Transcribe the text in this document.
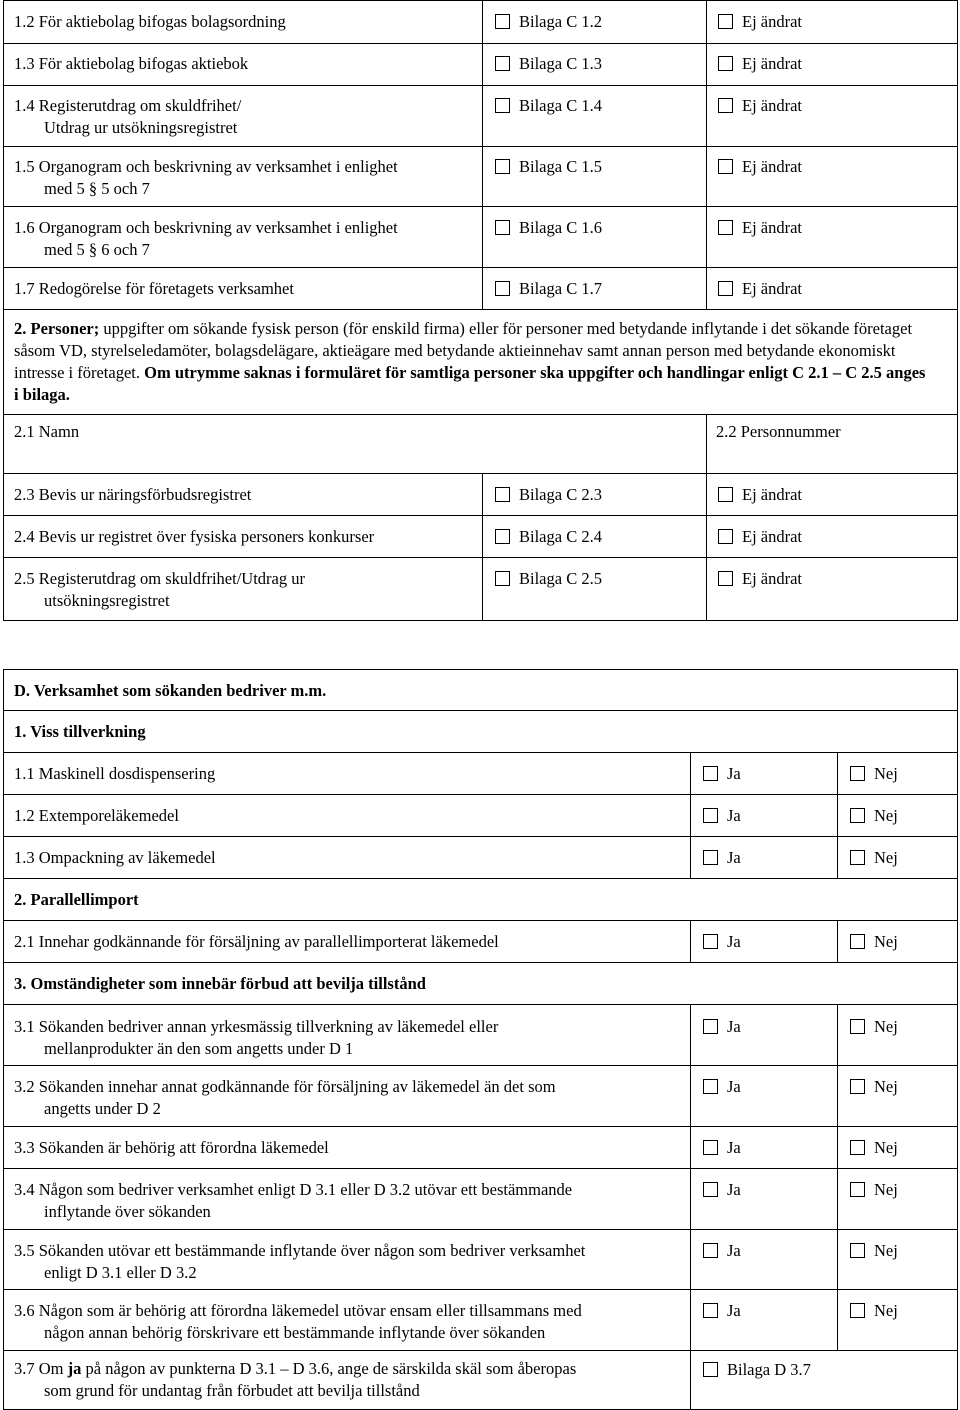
1.2 För aktiebolag bifogas bolagsordning	Bilaga C 1.2	Ej ändrat
1.3 För aktiebolag bifogas aktiebok	Bilaga C 1.3	Ej ändrat
1.4 Registerutdrag om skuldfrihet/
Utdrag ur utsökningsregistret
Bilaga C 1.4	Ej ändrat
1.5 Organogram och beskrivning av verksamhet i enlighet
med 5 § 5 och 7
Bilaga C 1.5	Ej ändrat
1.6 Organogram och beskrivning av verksamhet i enlighet
med 5 § 6 och 7
Bilaga C 1.6	Ej ändrat
1.7 Redogörelse för företagets verksamhet	Bilaga C 1.7	Ej ändrat
2. Personer; uppgifter om sökande fysisk person (för enskild firma) eller för personer med betydande inflytande i det sökande företaget såsom VD, styrelseledamöter, bolagsdelägare, aktieägare med betydande aktieinnehav samt annan person med betydande ekonomiskt intresse i företaget. Om utrymme saknas i formuläret för samtliga personer ska uppgifter och handlingar enligt C 2.1 – C 2.5 anges i bilaga.
2.1 Namn	2.2 Personnummer
2.3 Bevis ur näringsförbudsregistret	Bilaga C 2.3	Ej ändrat
2.4 Bevis ur registret över fysiska personers konkurser	Bilaga C 2.4	Ej ändrat
2.5 Registerutdrag om skuldfrihet/Utdrag ur
utsökningsregistret
Bilaga C 2.5	Ej ändrat
D. Verksamhet som sökanden bedriver m.m.
1. Viss tillverkning
1.1 Maskinell dosdispensering	Ja	Nej
1.2 Extemporeläkemedel	Ja	Nej
1.3 Ompackning av läkemedel	Ja	Nej
2. Parallellimport
2.1 Innehar godkännande för försäljning av parallellimporterat läkemedel	Ja	Nej
3. Omständigheter som innebär förbud att bevilja tillstånd
3.1 Sökanden bedriver annan yrkesmässig tillverkning av läkemedel eller
mellanprodukter än den som angetts under D 1
Ja	Nej
3.2 Sökanden innehar annat godkännande för försäljning av läkemedel än det som
angetts under D 2
Ja	Nej
3.3 Sökanden är behörig att förordna läkemedel	Ja	Nej
3.4 Någon som bedriver verksamhet enligt D 3.1 eller D 3.2 utövar ett bestämmande
inflytande över sökanden
Ja	Nej
3.5 Sökanden utövar ett bestämmande inflytande över någon som bedriver verksamhet
enligt D 3.1 eller D 3.2
Ja	Nej
3.6 Någon som är behörig att förordna läkemedel utövar ensam eller tillsammans med
någon annan behörig förskrivare ett bestämmande inflytande över sökanden
Ja	Nej
3.7 Om ja på någon av punkterna D 3.1 – D 3.6, ange de särskilda skäl som åberopas
som grund för undantag från förbudet att bevilja tillstånd
Bilaga D 3.7
